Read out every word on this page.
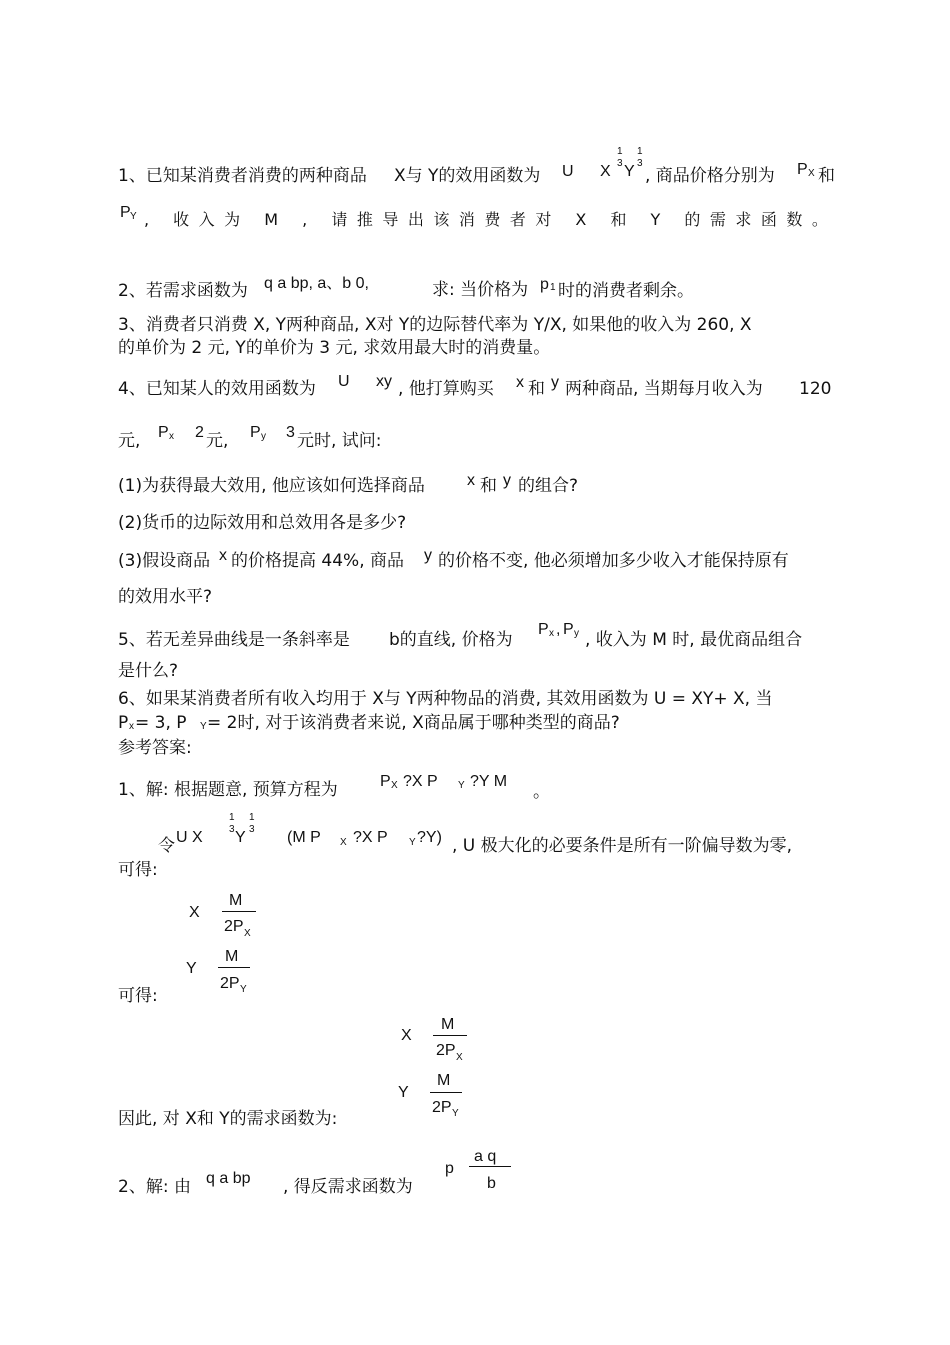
1、已知某消费者消费的两种商品 X与 Y的效用函数为 U X
1
3 Y
1
3
, 商品价格分别为 P X 和
P Y , 收入为 M , 请推导出该消费者对 X 和 Y 的需求函数。
2、若需求函数为 q a bp, a、b 0,	求: 当价格为 p 1 时的消费者剩余。
3、消费者只消费 X, Y两种商品, X对 Y的边际替代率为 Y/X, 如果他的收入为 260, X
的单价为 2 元, Y的单价为 3 元, 求效用最大时的消费量。
4、已知某人的效用函数为 U xy , 他打算购买 x 和 y 两种商品, 当期每月收入为 120
元, P x 2 元, P y 3 元时, 试问:
(1)为获得最大效用, 他应该如何选择商品	x 和 y 的组合?
(2)货币的边际效用和总效用各是多少?
(3)假设商品 x 的价格提高 44%, 商品 y 的价格不变, 他必须增加多少收入才能保持原有
的效用水平?
5、若无差异曲线是一条斜率是 b的直线, 价格为
P x , P y , 收入为 M 时, 最优商品组合
是什么?
6、如果某消费者所有收入均用于 X与 Y两种物品的消费, 其效用函数为 U = XY+ X, 当
P x = 3, P Y = 2时, 对于该消费者来说, X商品属于哪种类型的商品?
参考答案:
1、解: 根据题意, 预算方程为	P X ?X P Y ?Y M
。
令 U X
1
3 Y
1
3 (M P X ?X P Y ?Y) , U 极大化的必要条件是所有一阶偏导数为零,
可得:
X
M
2P X
Y
M
2P Y
可得:
X
M
2P X
Y
M
2P Y
因此, 对 X和 Y的需求函数为:
2、解: 由 q a bp , 得反需求函数为
p
a q
b
